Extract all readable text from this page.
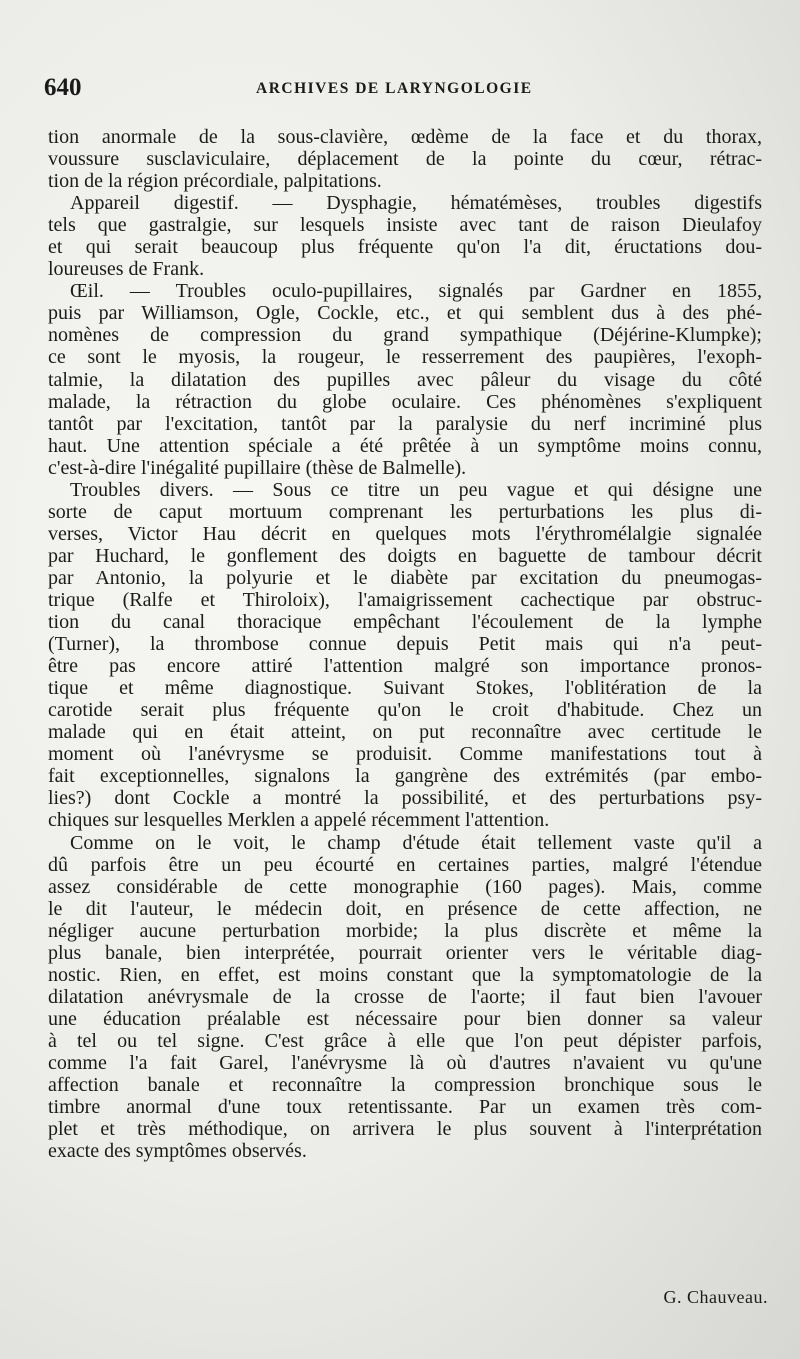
640	ARCHIVES DE LARYNGOLOGIE
tion anormale de la sous-clavière, œdème de la face et du thorax,
voussure susclaviculaire, déplacement de la pointe du cœur, rétrac-
tion de la région précordiale, palpitations.
Appareil digestif. — Dysphagie, hématémèses, troubles digestifs
tels que gastralgie, sur lesquels insiste avec tant de raison Dieulafoy
et qui serait beaucoup plus fréquente qu'on l'a dit, éructations dou-
loureuses de Frank.
Œil. — Troubles oculo-pupillaires, signalés par Gardner en 1855,
puis par Williamson, Ogle, Cockle, etc., et qui semblent dus à des phé-
nomènes de compression du grand sympathique (Déjérine-Klumpke);
ce sont le myosis, la rougeur, le resserrement des paupières, l'exoph-
talmie, la dilatation des pupilles avec pâleur du visage du côté
malade, la rétraction du globe oculaire. Ces phénomènes s'expliquent
tantôt par l'excitation, tantôt par la paralysie du nerf incriminé plus
haut. Une attention spéciale a été prêtée à un symptôme moins connu,
c'est-à-dire l'inégalité pupillaire (thèse de Balmelle).
Troubles divers. — Sous ce titre un peu vague et qui désigne une
sorte de caput mortuum comprenant les perturbations les plus di-
verses, Victor Hau décrit en quelques mots l'érythromélalgie signalée
par Huchard, le gonflement des doigts en baguette de tambour décrit
par Antonio, la polyurie et le diabète par excitation du pneumogas-
trique (Ralfe et Thiroloix), l'amaigrissement cachectique par obstruc-
tion du canal thoracique empêchant l'écoulement de la lymphe
(Turner), la thrombose connue depuis Petit mais qui n'a peut-
être pas encore attiré l'attention malgré son importance pronos-
tique et même diagnostique. Suivant Stokes, l'oblitération de la
carotide serait plus fréquente qu'on le croit d'habitude. Chez un
malade qui en était atteint, on put reconnaître avec certitude le
moment où l'anévrysme se produisit. Comme manifestations tout à
fait exceptionnelles, signalons la gangrène des extrémités (par embo-
lies?) dont Cockle a montré la possibilité, et des perturbations psy-
chiques sur lesquelles Merklen a appelé récemment l'attention.
Comme on le voit, le champ d'étude était tellement vaste qu'il a
dû parfois être un peu écourté en certaines parties, malgré l'étendue
assez considérable de cette monographie (160 pages). Mais, comme
le dit l'auteur, le médecin doit, en présence de cette affection, ne
négliger aucune perturbation morbide; la plus discrète et même la
plus banale, bien interprétée, pourrait orienter vers le véritable diag-
nostic. Rien, en effet, est moins constant que la symptomatologie de la
dilatation anévrysmale de la crosse de l'aorte; il faut bien l'avouer
une éducation préalable est nécessaire pour bien donner sa valeur
à tel ou tel signe. C'est grâce à elle que l'on peut dépister parfois,
comme l'a fait Garel, l'anévrysme là où d'autres n'avaient vu qu'une
affection banale et reconnaître la compression bronchique sous le
timbre anormal d'une toux retentissante. Par un examen très com-
plet et très méthodique, on arrivera le plus souvent à l'interprétation
exacte des symptômes observés.
G. Chauveau.
